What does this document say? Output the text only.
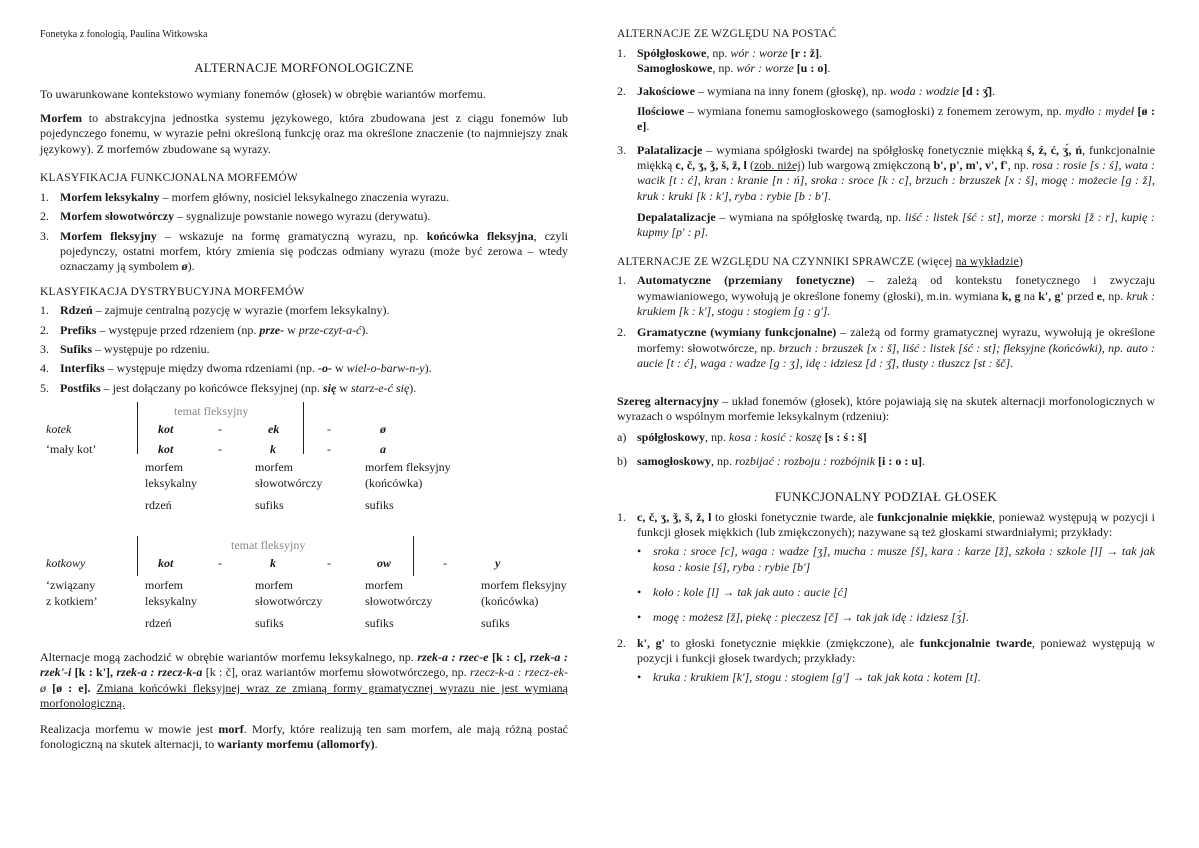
Fonetyka z fonologią, Paulina Witkowska
ALTERNACJE MORFONOLOGICZNE

To uwarunkowane kontekstowo wymiany fonemów (głosek) w obrębie wariantów morfemu.

Morfem to abstrakcyjna jednostka systemu językowego, która zbudowana jest z ciągu fonemów lub pojedynczego fonemu, w wyrazie pełni określoną funkcję oraz ma określone znaczenie (to najmniejszy znak językowy). Z morfemów zbudowane są wyrazy.

KLASYFIKACJA FUNKCJONALNA MORFEMÓW
1. Morfem leksykalny – morfem główny, nosiciel leksykalnego znaczenia wyrazu.
2. Morfem słowotwórczy – sygnalizuje powstanie nowego wyrazu (derywatu).
3. Morfem fleksyjny – wskazuje na formę gramatyczną wyrazu, np. końcówka fleksyjna, czyli pojedynczy, ostatni morfem, który zmienia się podczas odmiany wyrazu (może być zerowa – wtedy oznaczamy ją symbolem ø).
KLASYFIKACJA DYSTRYBUCYJNA MORFEMÓW
1. Rdzeń – zajmuje centralną pozycję w wyrazie (morfem leksykalny).
2. Prefiks – występuje przed rdzeniem (np. prze- w prze-czyt-a-ć).
3. Sufiks – występuje po rdzeniu.
4. Interfiks – występuje między dwoma rdzeniami (np. -o- w wiel-o-barw-n-y).
5. Postfiks – jest dołączany po końcówce fleksyjnej (np. się w starz-e-ć się).
temat fleksyjny
kotek
‘mały kot’
kot	-	ek	-	ø
kot	-	k	-	a
morfem	morfem	morfem fleksyjny
leksykalny	słowotwórczy	(końcówka)
rdzeń	sufiks	sufiks
temat fleksyjny
kotkowy	kot	-	k	-	ow	-	y
‘związany
z kotkiem’
morfem	morfem	morfem	morfem fleksyjny
leksykalny	słowotwórczy	słowotwórczy	(końcówka)
rdzeń	sufiks	sufiks	sufiks

Alternacje mogą zachodzić w obrębie wariantów morfemu leksykalnego, np. rzek-a : rzec-e [k : c], rzek-a : rzek'-i [k : k'], rzek-a : rzecz-k-a [k : č], oraz wariantów morfemu słowotwórczego, np. rzecz-k-a : rzecz-ek-ø [ø : e]. Zmiana końcówki fleksyjnej wraz ze zmianą formy gramatycznej wyrazu nie jest wymianą morfonologiczną.

Realizacja morfemu w mowie jest morf. Morfy, które realizują ten sam morfem, ale mają różną postać fonologiczną na skutek alternacji, to warianty morfemu (allomorfy).

ALTERNACJE ZE WZGLĘDU NA POSTAĆ
1. Spółgłoskowe, np. wór : worze [r : ž].
Samogłoskowe, np. wór : worze [u : o].
2. Jakościowe – wymiana na inny fonem (głoskę), np. woda : wodzie [d : ʒ̑].

Ilościowe – wymiana fonemu samogłoskowego (samogłoski) z fonemem zerowym, np. mydło : mydeł [ø : e].
3. Palatalizacje – wymiana spółgłoski twardej na spółgłoskę fonetycznie miękką ś, ź, ć, ʒ́, ń, funkcjonalnie miękką c, č, ʒ, ǯ, š, ž, l (zob. niżej) lub wargową zmiękczoną b', p', m', v', f', np. rosa : rosie [s : ś], wata : wacik [t : ć], kran : kranie [n : ń], sroka : sroce [k : c], brzuch : brzuszek [x : š], mogę : możecie [g : ž], kruk : kruki [k : k'], ryba : rybie [b : b'].
Depalatalizacje – wymiana na spółgłoskę twardą, np. liść : listek [ść : st], morze : morski [ž : r], kupię : kupmy [p' : p].
ALTERNACJE ZE WZGLĘDU NA CZYNNIKI SPRAWCZE (więcej na wykładzie)
1. Automatyczne (przemiany fonetyczne) – zależą od kontekstu fonetycznego i zwyczaju wymawianiowego, wywołują je określone fonemy (głoski), m.in. wymiana k, g na k', g' przed e, np. kruk : krukiem [k : k'], stogu : stogiem [g : g'].
2. Gramatyczne (wymiany funkcjonalne) – zależą od formy gramatycznej wyrazu, wywołują je określone morfemy: słowotwórcze, np. brzuch : brzuszek [x : š], liść : listek [ść : st]; fleksyjne (końcówki), np. auto : aucie [t : ć], waga : wadze [g : ʒ], idę : idziesz [d : ʒ̑], tłusty : tłuszcz [st : šč].

Szereg alternacyjny – układ fonemów (głosek), które pojawiają się na skutek alternacji morfonologicznych w wyrazach o wspólnym morfemie leksykalnym (rdzeniu):

a) spółgłoskowy, np. kosa : kosić : koszę [s : ś : š]
b) samogłoskowy, np. rozbijać : rozboju : rozbójnik [i : o : u].
FUNKCJONALNY PODZIAŁ GŁOSEK
1. c, č, ʒ, ǯ, š, ž, l to głoski fonetycznie twarde, ale funkcjonalnie miękkie, ponieważ występują w pozycji i funkcji głosek miękkich (lub zmiękczonych); nazywane są też głoskami stwardniałymi; przykłady:
• sroka : sroce [c], waga : wadze [ʒ], mucha : musze [š], kara : karze [ž], szkoła : szkole [l] → tak jak kosa : kosie [ś], ryba : rybie [b']
• koło : kole [l] → tak jak auto : aucie [ć]
• mogę : możesz [ž], piekę : pieczesz [č] → tak jak idę : idziesz [ʒ́].
2. k', g' to głoski fonetycznie miękkie (zmiękczone), ale funkcjonalnie twarde, ponieważ występują w pozycji i funkcji głosek twardych; przykłady:
• kruka : krukiem [k'], stogu : stogiem [g'] → tak jak kota : kotem [t].
